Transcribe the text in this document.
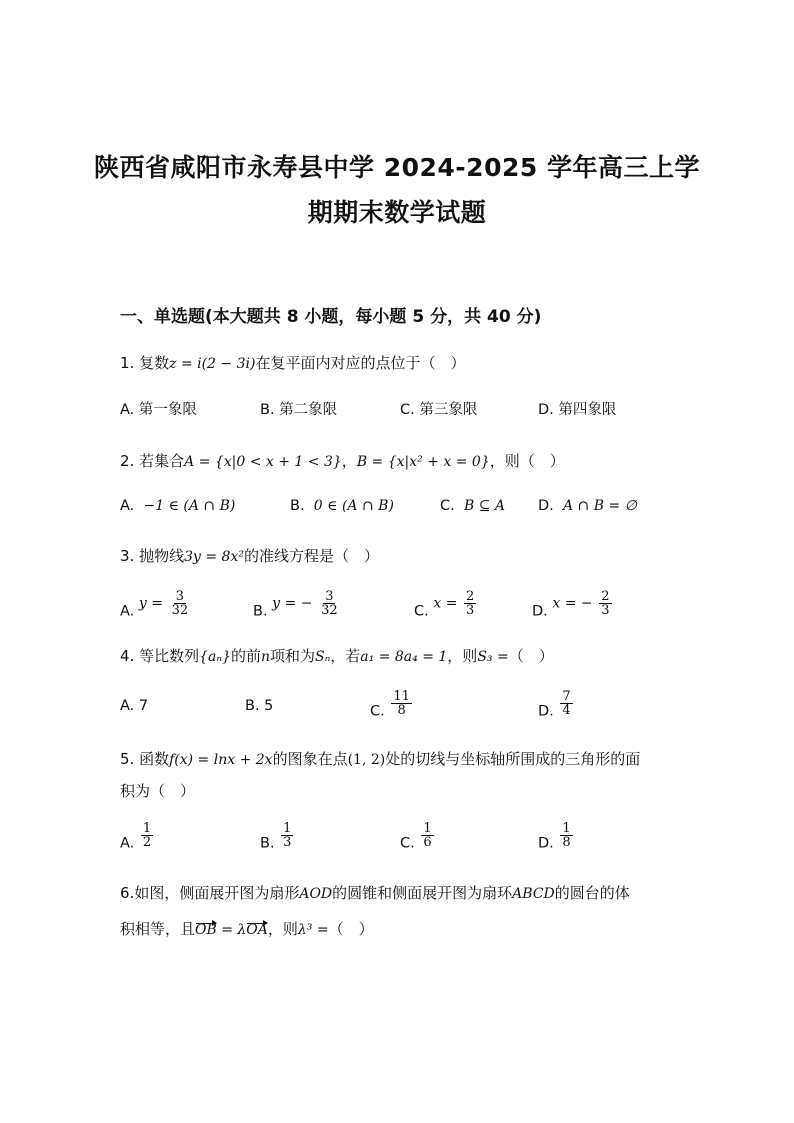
陕西省咸阳市永寿县中学 2024-2025 学年高三上学
期期末数学试题
一、单选题(本大题共 8 小题，每小题 5 分，共 40 分)
1. 复数z = i(2 − 3i)在复平面内对应的点位于（　）
A. 第一象限	B. 第二象限	C. 第三象限	D. 第四象限
2. 若集合A = {x|0 < x + 1 < 3}，B = {x|x² + x = 0}，则（　）
A. −1 ∈ (A ∩ B)	B. 0 ∈ (A ∩ B)	C. B ⊆ A D. A ∩ B = ∅
3. 抛物线3y = 8x²的准线方程是（　）
A. $y = \frac{3}{32}$	B. y = − $\frac{3}{32}$	C. $x = \frac{2}{3}$	D. x = − $\frac{2}{3}$
4. 等比数列{aₙ}的前n项和为Sₙ，若a₁ = 8a₄ = 1，则S₃ =（　）
A. 7	B. 5	C. $\frac{11}{8}$	D. $\frac{7}{4}$
5. 函数f(x) = lnx + 2x的图象在点(1, 2)处的切线与坐标轴所围成的三角形的面
积为（　）
A. $\frac{1}{2}$	B. $\frac{1}{3}$	C. $\frac{1}{6}$	D. $\frac{1}{8}$
6.如图，侧面展开图为扇形AOD的圆锥和侧面展开图为扇环ABCD的圆台的体
积相等，且OB = λOA，则λ³ =（　）
